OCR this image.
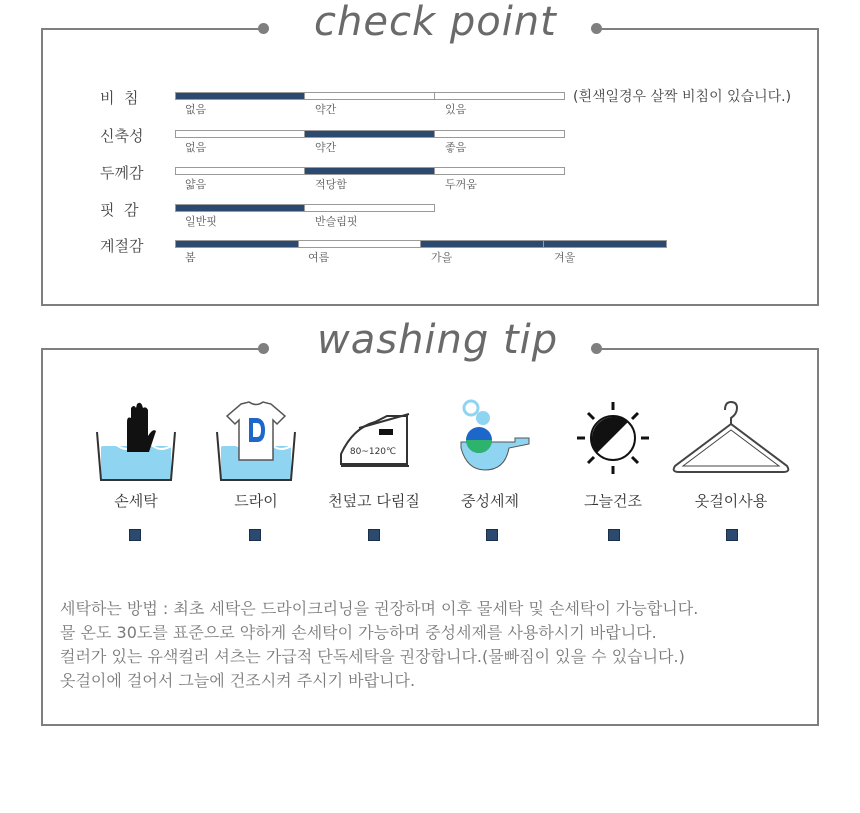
check point
비  침
없음	약간	있음
(흰색일경우 살짝 비침이 있습니다.)
신축성
없음	약간	좋음
두께감
얇음	적당함	두꺼움
핏  감
일반핏	반슬림핏
계절감
봄	여름	가을	겨울
washing tip
손세탁	드라이
80~120℃
천덮고 다림질	중성세제	그늘건조	옷걸이사용
세탁하는 방법 : 최초 세탁은 드라이크리닝을 권장하며 이후 물세탁 및 손세탁이 가능합니다.
물 온도 30도를 표준으로 약하게 손세탁이 가능하며 중성세제를 사용하시기 바랍니다.
컬러가 있는 유색컬러 셔츠는 가급적 단독세탁을 권장합니다.(물빠짐이 있을 수 있습니다.)
옷걸이에 걸어서 그늘에 건조시켜 주시기 바랍니다.
